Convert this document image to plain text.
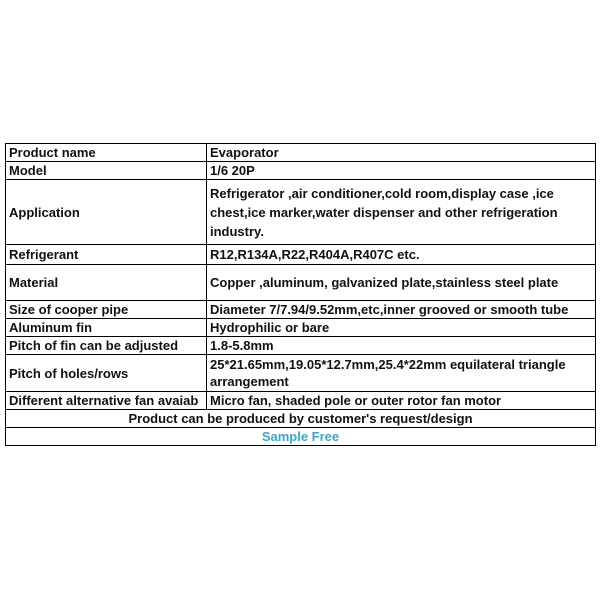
Product name	Evaporator
Model	1/6 20P
Application	Refrigerator ,air conditioner,cold room,display case ,ice chest,ice marker,water dispenser and other refrigeration industry.
Refrigerant	R12,R134A,R22,R404A,R407C etc.
Material	Copper ,aluminum, galvanized plate,stainless steel plate
Size of cooper pipe	Diameter 7/7.94/9.52mm,etc,inner grooved or smooth tube
Aluminum fin	Hydrophilic or bare
Pitch of fin can be adjusted	1.8-5.8mm
Pitch of holes/rows	25*21.65mm,19.05*12.7mm,25.4*22mm equilateral triangle arrangement
Different alternative fan avaiab	Micro fan, shaded pole or outer rotor fan motor
Product can be produced by customer's request/design	
Sample Free	
